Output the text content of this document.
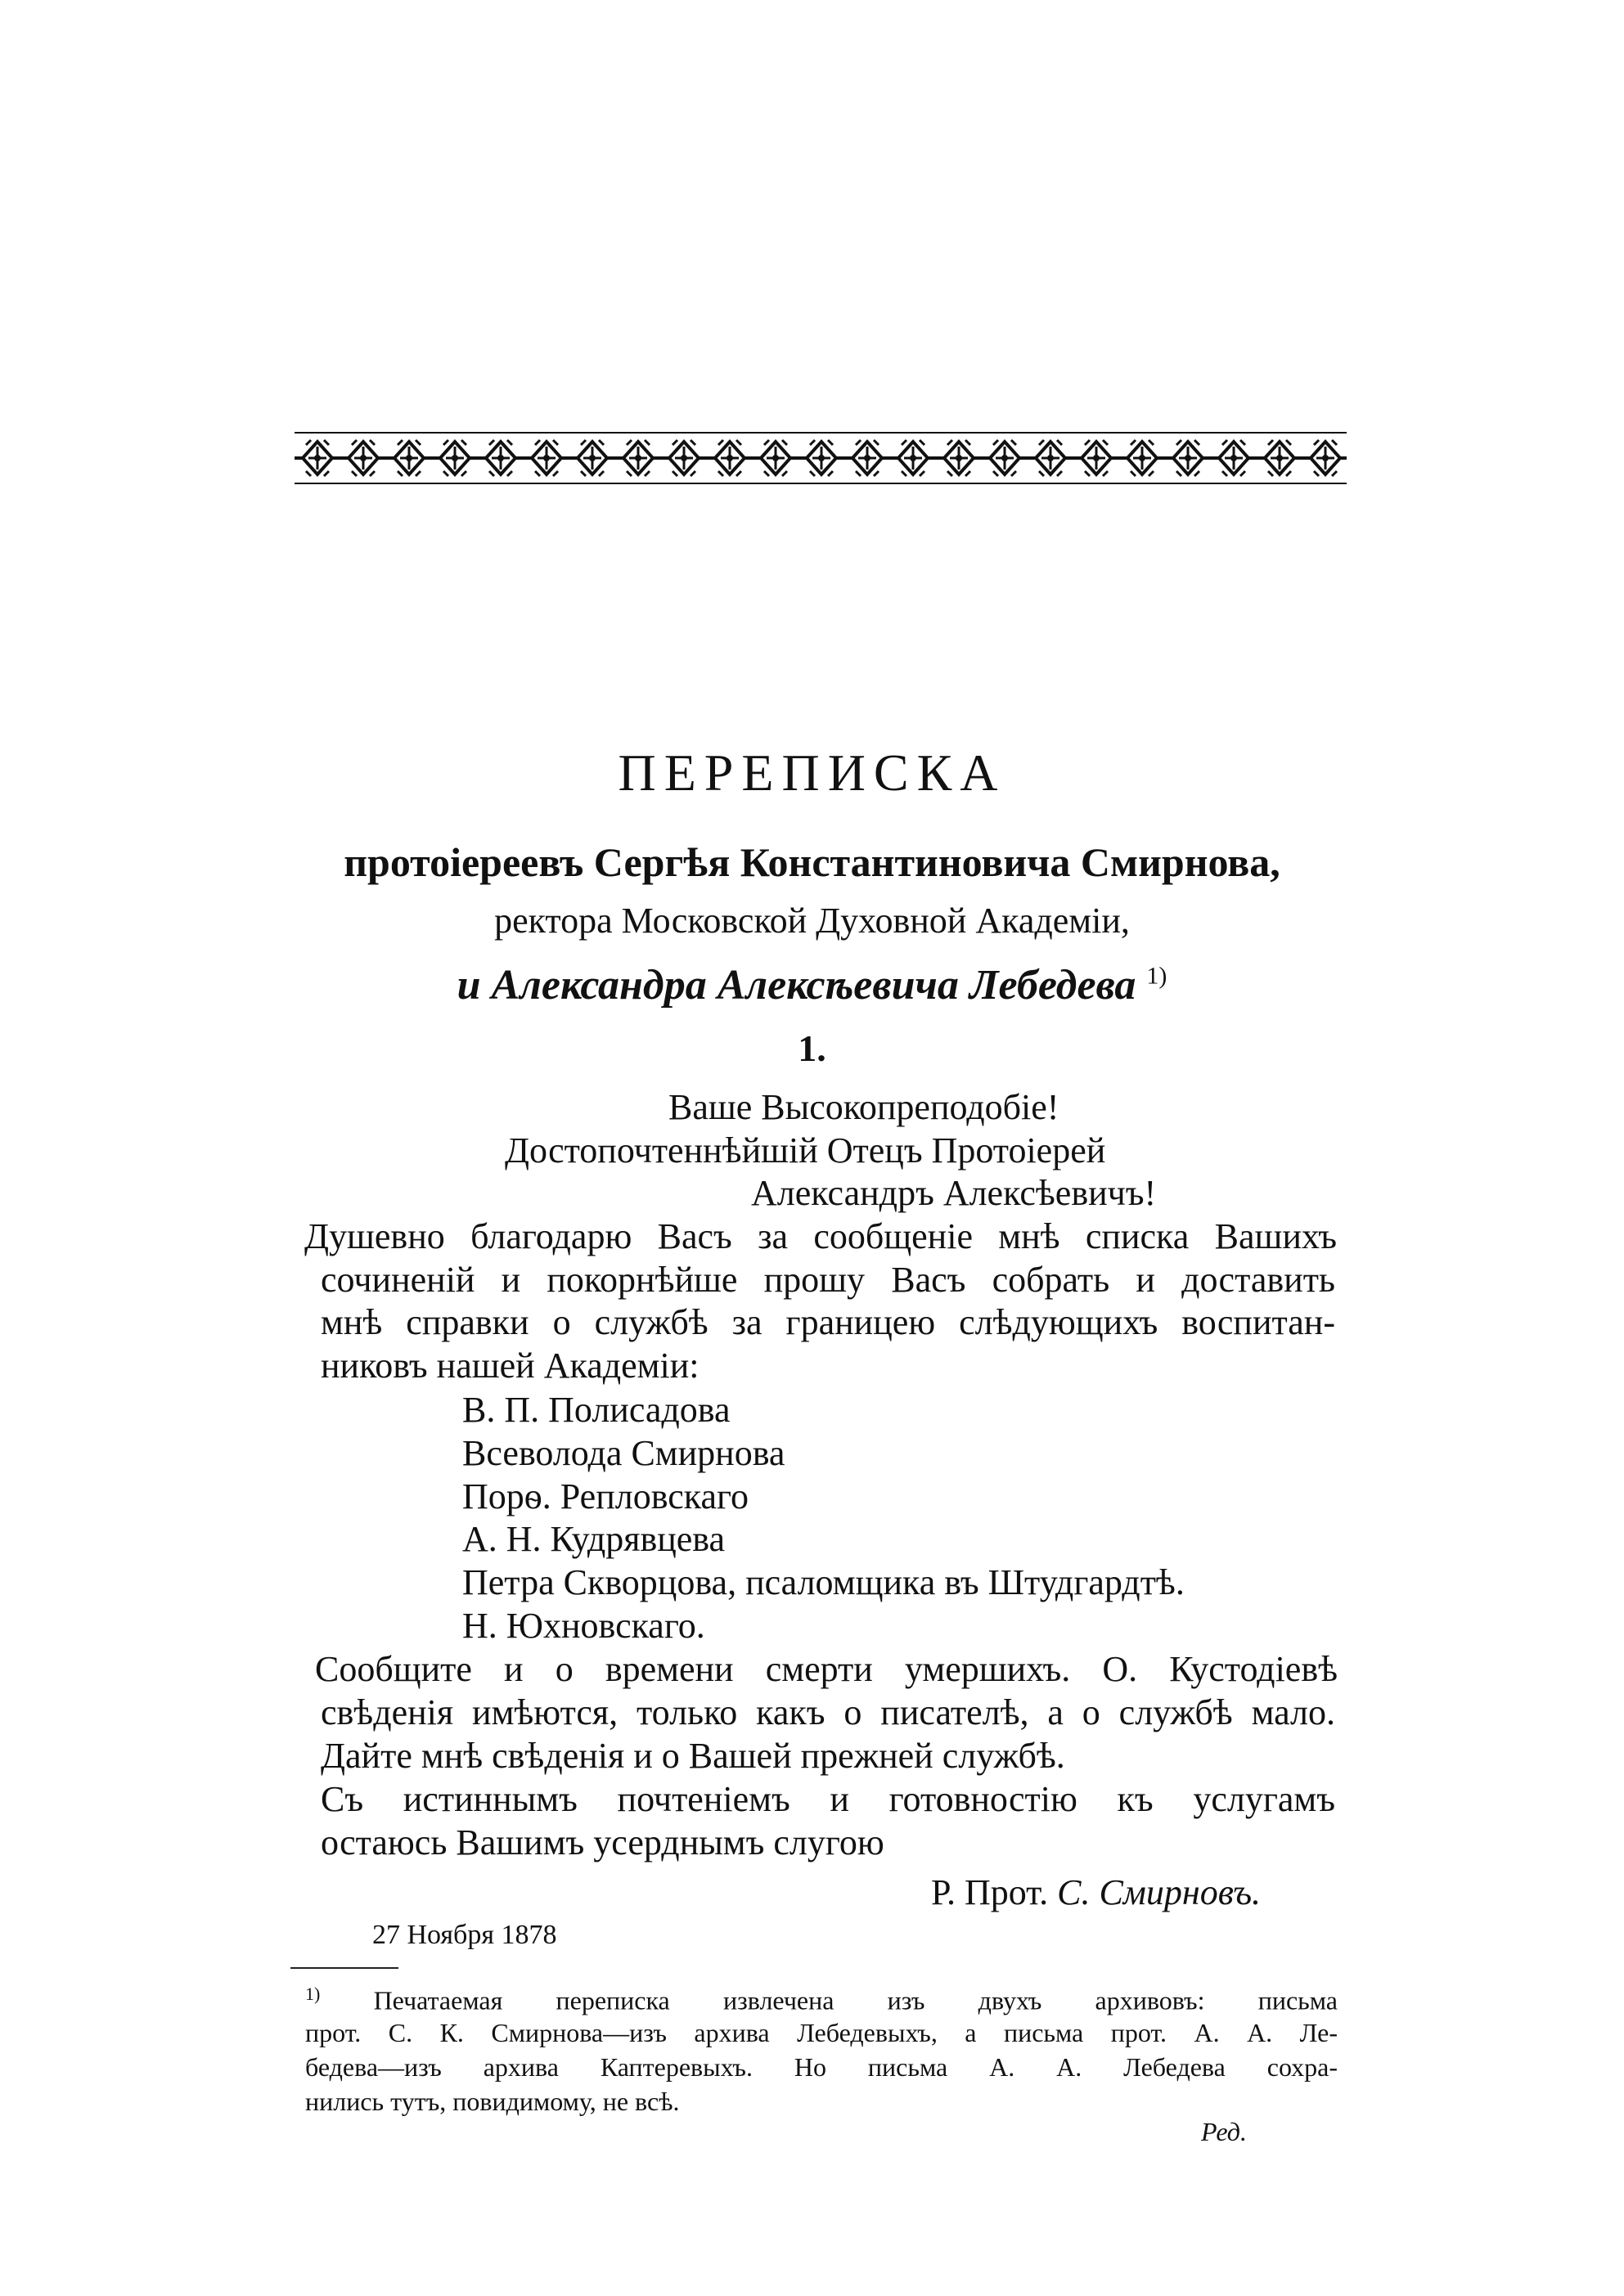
ПЕРЕПИСКА
протоіереевъ Сергѣя Константиновича Смирнова,
ректора Московской Духовной Академіи,
и Александра Алексѣевича Лебедева $^{1)}$
1.
Ваше Высокопреподобіе!
Достопочтеннѣйшій Отецъ Протоіерей
Александръ Алексѣевичъ!
Душевно благодарю Васъ за сообщеніе мнѣ списка Вашихъ
сочиненій и покорнѣйше прошу Васъ собрать и доставить
мнѣ справки о службѣ за границею слѣдующихъ воспитан-
никовъ нашей Академіи:
В. П. Полисадова
Всеволода Смирнова
Порѳ. Репловскаго
А. Н. Кудрявцева
Петра Скворцова, псаломщика въ Штудгардтѣ.
Н. Юхновскаго.
Сообщите и о времени смерти умершихъ. О. Кустодіевѣ
свѣденія имѣются, только какъ о писателѣ, а о службѣ мало.
Дайте мнѣ свѣденія и о Вашей прежней службѣ.
Съ истиннымъ почтеніемъ и готовностію къ услугамъ
остаюсь Вашимъ усерднымъ слугою
Р. Прот. С. Смирновъ.
27 Ноября 1878
$^{1)}$ Печатаемая переписка извлечена изъ двухъ архивовъ: письма
прот. С. К. Смирнова—изъ архива Лебедевыхъ, а письма прот. А. А. Ле-
бедева—изъ архива Каптеревыхъ. Но письма А. А. Лебедева сохра-
нились тутъ, повидимому, не всѣ.
Ред.
